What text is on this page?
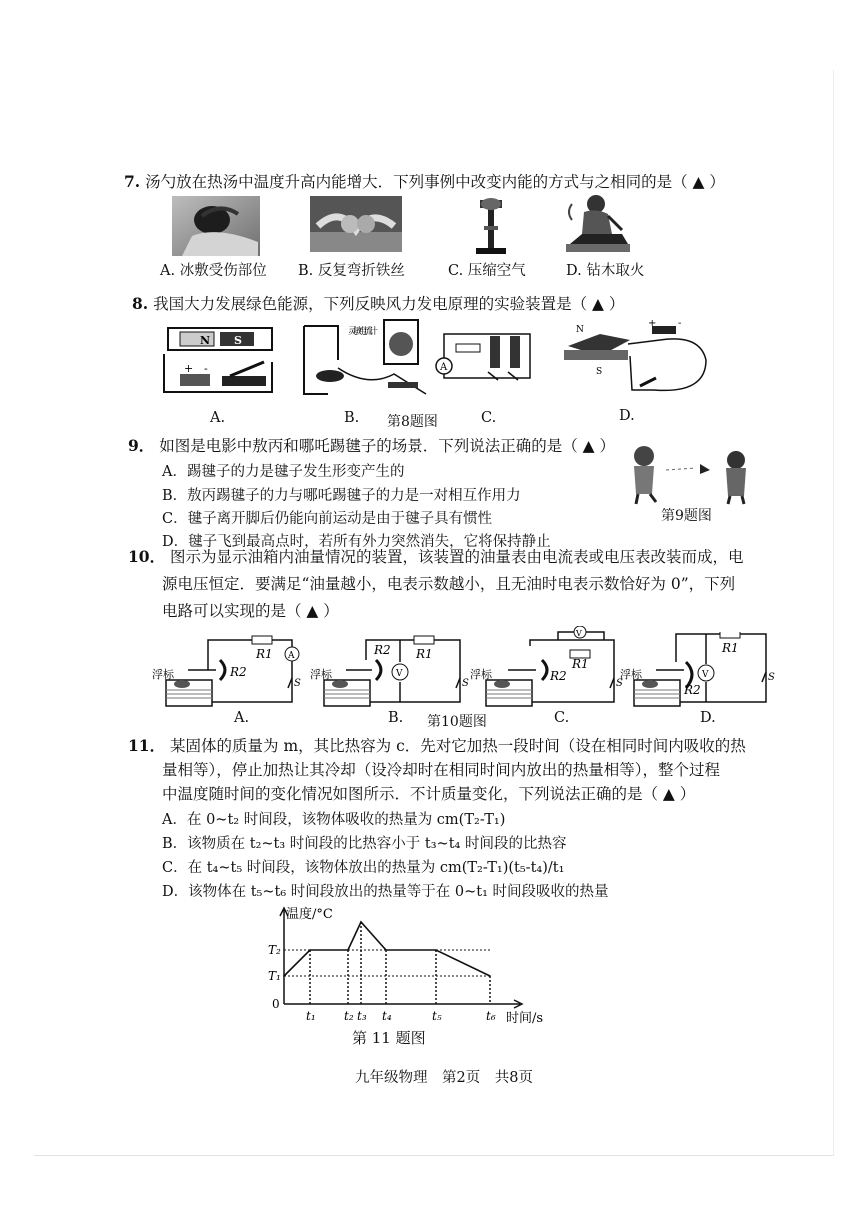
7. 汤勺放在热汤中温度升高内能增大．下列事例中改变内能的方式与之相同的是（ ▲ ）
A. 冰敷受伤部位 B. 反复弯折铁丝	C. 压缩空气	D. 钻木取火
8. 我国大力发展绿色能源，下列反映风力发电原理的实验装置是（ ▲ ）
N S
+ -
灵敏电流计
A
N
S
+ -
A.	B. 第8题图	C.	D.
9． 如图是电影中敖丙和哪吒踢毽子的场景．下列说法正确的是（ ▲ ）
A．踢毽子的力是毽子发生形变产生的
B．敖丙踢毽子的力与哪吒踢毽子的力是一对相互作用力
C．毽子离开脚后仍能向前运动是由于毽子具有惯性
D．毽子飞到最高点时，若所有外力突然消失，它将保持静止
第9题图
10． 图示为显示油箱内油量情况的装置，该装置的油量表由电流表或电压表改装而成，电
源电压恒定．要满足“油量越小，电表示数越小，且无油时电表示数恰好为 0”，下列
电路可以实现的是（ ▲ ）
R1 A
S
R2
浮标	V
R1
R2
S
浮标
V
R1
R2
S
浮标	V
R1
R2
S
浮标
A.	B. 第10题图	C.	D.
11． 某固体的质量为 m，其比热容为 c．先对它加热一段时间（设在相同时间内吸收的热
量相等），停止加热让其冷却（设冷却时在相同时间内放出的热量相等），整个过程
中温度随时间的变化情况如图所示．不计质量变化，下列说法正确的是（ ▲ ）
A．在 0~t₂ 时间段，该物体吸收的热量为 cm(T₂-T₁)
B．该物质在 t₂~t₃ 时间段的比热容小于 t₃~t₄ 时间段的比热容
C．在 t₄~t₅ 时间段，该物体放出的热量为 cm(T₂-T₁)(t₅-t₄)/t₁
D．该物体在 t₅~t₆ 时间段放出的热量等于在 0~t₁ 时间段吸收的热量
温度/°C
时间/s
0
T₁
T₂
t₁ t₂ t₃ t₄	t₅	t₆
第 11 题图
九年级物理　第2页　共8页
